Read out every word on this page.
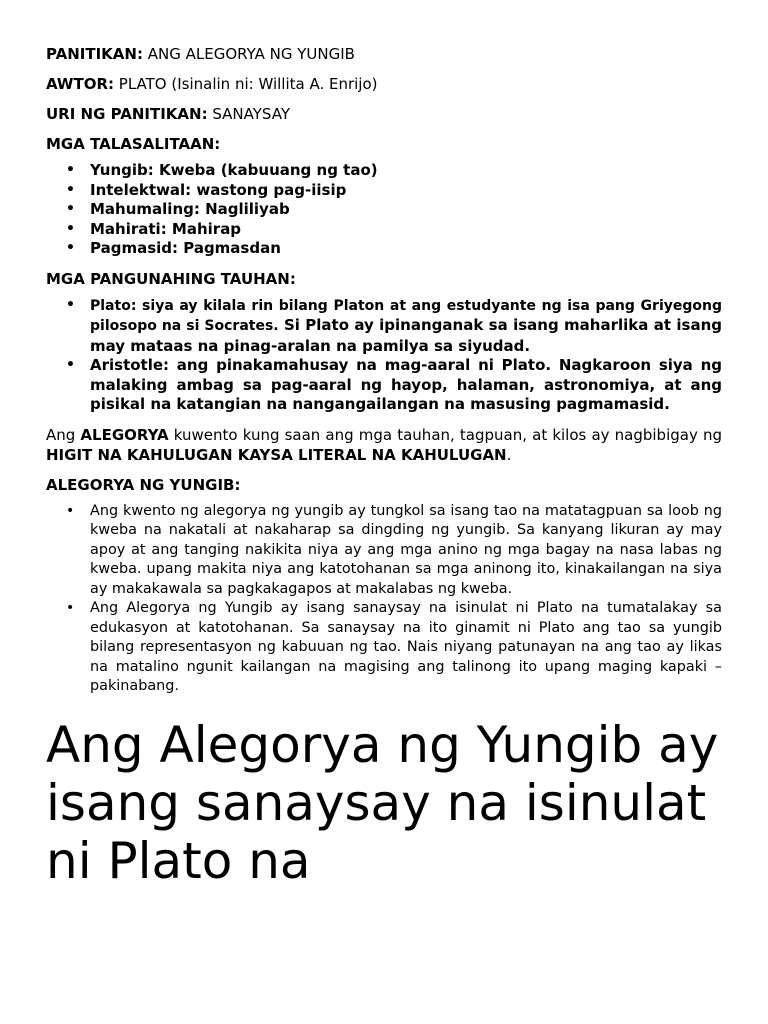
PANITIKAN: ANG ALEGORYA NG YUNGIB

AWTOR: PLATO (Isinalin ni: Willita A. Enrijo)

URI NG PANITIKAN: SANAYSAY

MGA TALASALITAAN:

• Yungib: Kweba (kabuuang ng tao)
• Intelektwal: wastong pag-iisip
• Mahumaling: Nagliliyab
• Mahirati: Mahirap
• Pagmasid: Pagmasdan

MGA PANGUNAHING TAUHAN:

• Plato: siya ay kilala rin bilang Platon at ang estudyante ng isa pang Griyegong pilosopo na si Socrates. Si Plato ay ipinanganak sa isang maharlika at isang may mataas na pinag-aralan na pamilya sa siyudad.
• Aristotle: ang pinakamahusay na mag-aaral ni Plato. Nagkaroon siya ng malaking ambag sa pag-aaral ng hayop, halaman, astronomiya, at ang pisikal na katangian na nangangailangan na masusing pagmamasid.

Ang ALEGORYA kuwento kung saan ang mga tauhan, tagpuan, at kilos ay nagbibigay ng HIGIT NA KAHULUGAN KAYSA LITERAL NA KAHULUGAN.

ALEGORYA NG YUNGIB:

• Ang kwento ng alegorya ng yungib ay tungkol sa isang tao na matatagpuan sa loob ng kweba na nakatali at nakaharap sa dingding ng yungib. Sa kanyang likuran ay may apoy at ang tanging nakikita niya ay ang mga anino ng mga bagay na nasa labas ng kweba. upang makita niya ang katotohanan sa mga aninong ito, kinakailangan na siya ay makakawala sa pagkakagapos at makalabas ng kweba.
• Ang Alegorya ng Yungib ay isang sanaysay na isinulat ni Plato na tumatalakay sa edukasyon at katotohanan. Sa sanaysay na ito ginamit ni Plato ang tao sa yungib bilang representasyon ng kabuuan ng tao. Nais niyang patunayan na ang tao ay likas na matalino ngunit kailangan na magising ang talinong ito upang maging kapaki – pakinabang.

Ang Alegorya ng Yungib ay isang sanaysay na isinulat ni Plato na
